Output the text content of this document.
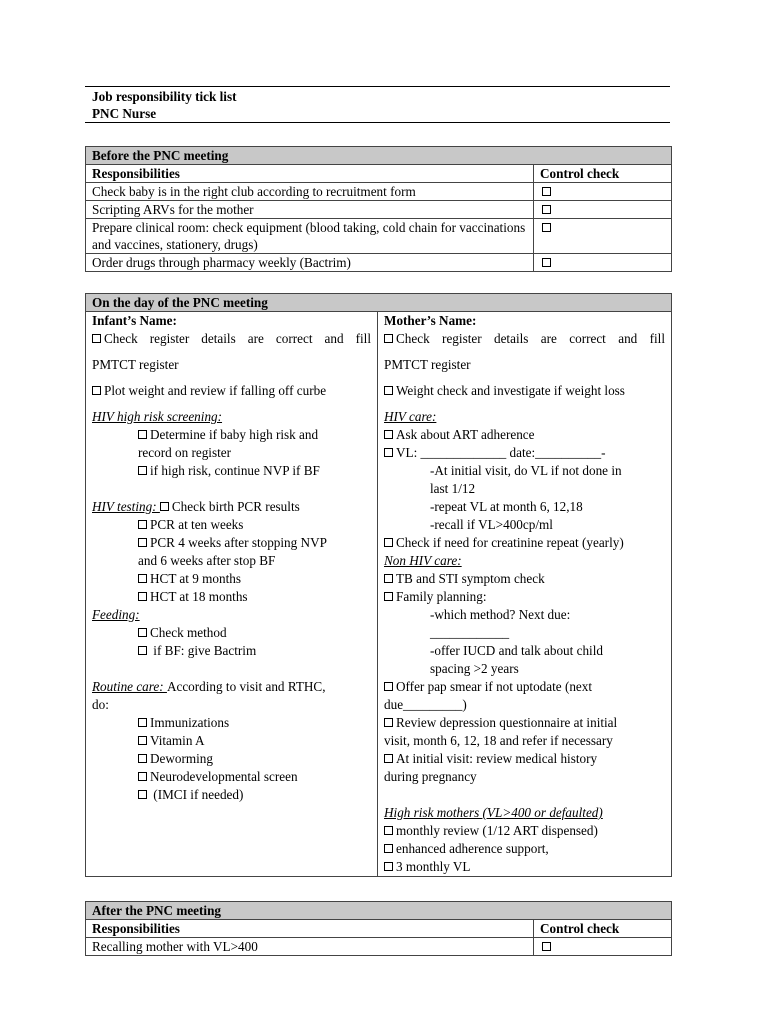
Job responsibility tick list
PNC Nurse
Before the PNC meeting	
Responsibilities	Control check
Check baby is in the right club according to recruitment form	
Scripting ARVs for the mother	
Prepare clinical room: check equipment (blood taking, cold chain for vaccinations and vaccines, stationery, drugs)	
Order drugs through pharmacy weekly (Bactrim)	
On the day of the PNC meeting

Infant’s Name:

Check register details are correct and fill

PMTCT register

Plot weight and review if falling off curbe

HIV high risk screening:

Determine if baby high risk and

record on register

if high risk, continue NVP if BF

HIV testing: Check birth PCR results

PCR at ten weeks

PCR 4 weeks after stopping NVP

and 6 weeks after stop BF

HCT at 9 months

HCT at 18 months

Feeding:

Check method

if BF: give Bactrim

Routine care: According to visit and RTHC,

do:

Immunizations

Vitamin A

Deworming

Neurodevelopmental screen

(IMCI if needed)

Mother’s Name:

Check register details are correct and fill

PMTCT register

Weight check and investigate if weight loss

HIV care:

Ask about ART adherence

VL: _____________ date:__________-

-At initial visit, do VL if not done in

last 1/12

-repeat VL at month 6, 12,18

-recall if VL>400cp/ml

Check if need for creatinine repeat (yearly)

Non HIV care:

TB and STI symptom check

Family planning:

-which method? Next due:

____________

-offer IUCD and talk about child

spacing >2 years

Offer pap smear if not uptodate (next

due_________)

Review depression questionnaire at initial

visit, month 6, 12, 18 and refer if necessary

At initial visit: review medical history

during pregnancy

High risk mothers (VL>400 or defaulted)

monthly review (1/12 ART dispensed)

enhanced adherence support,

3 monthly VL

After the PNC meeting	
Responsibilities	Control check
Recalling mother with VL>400	
